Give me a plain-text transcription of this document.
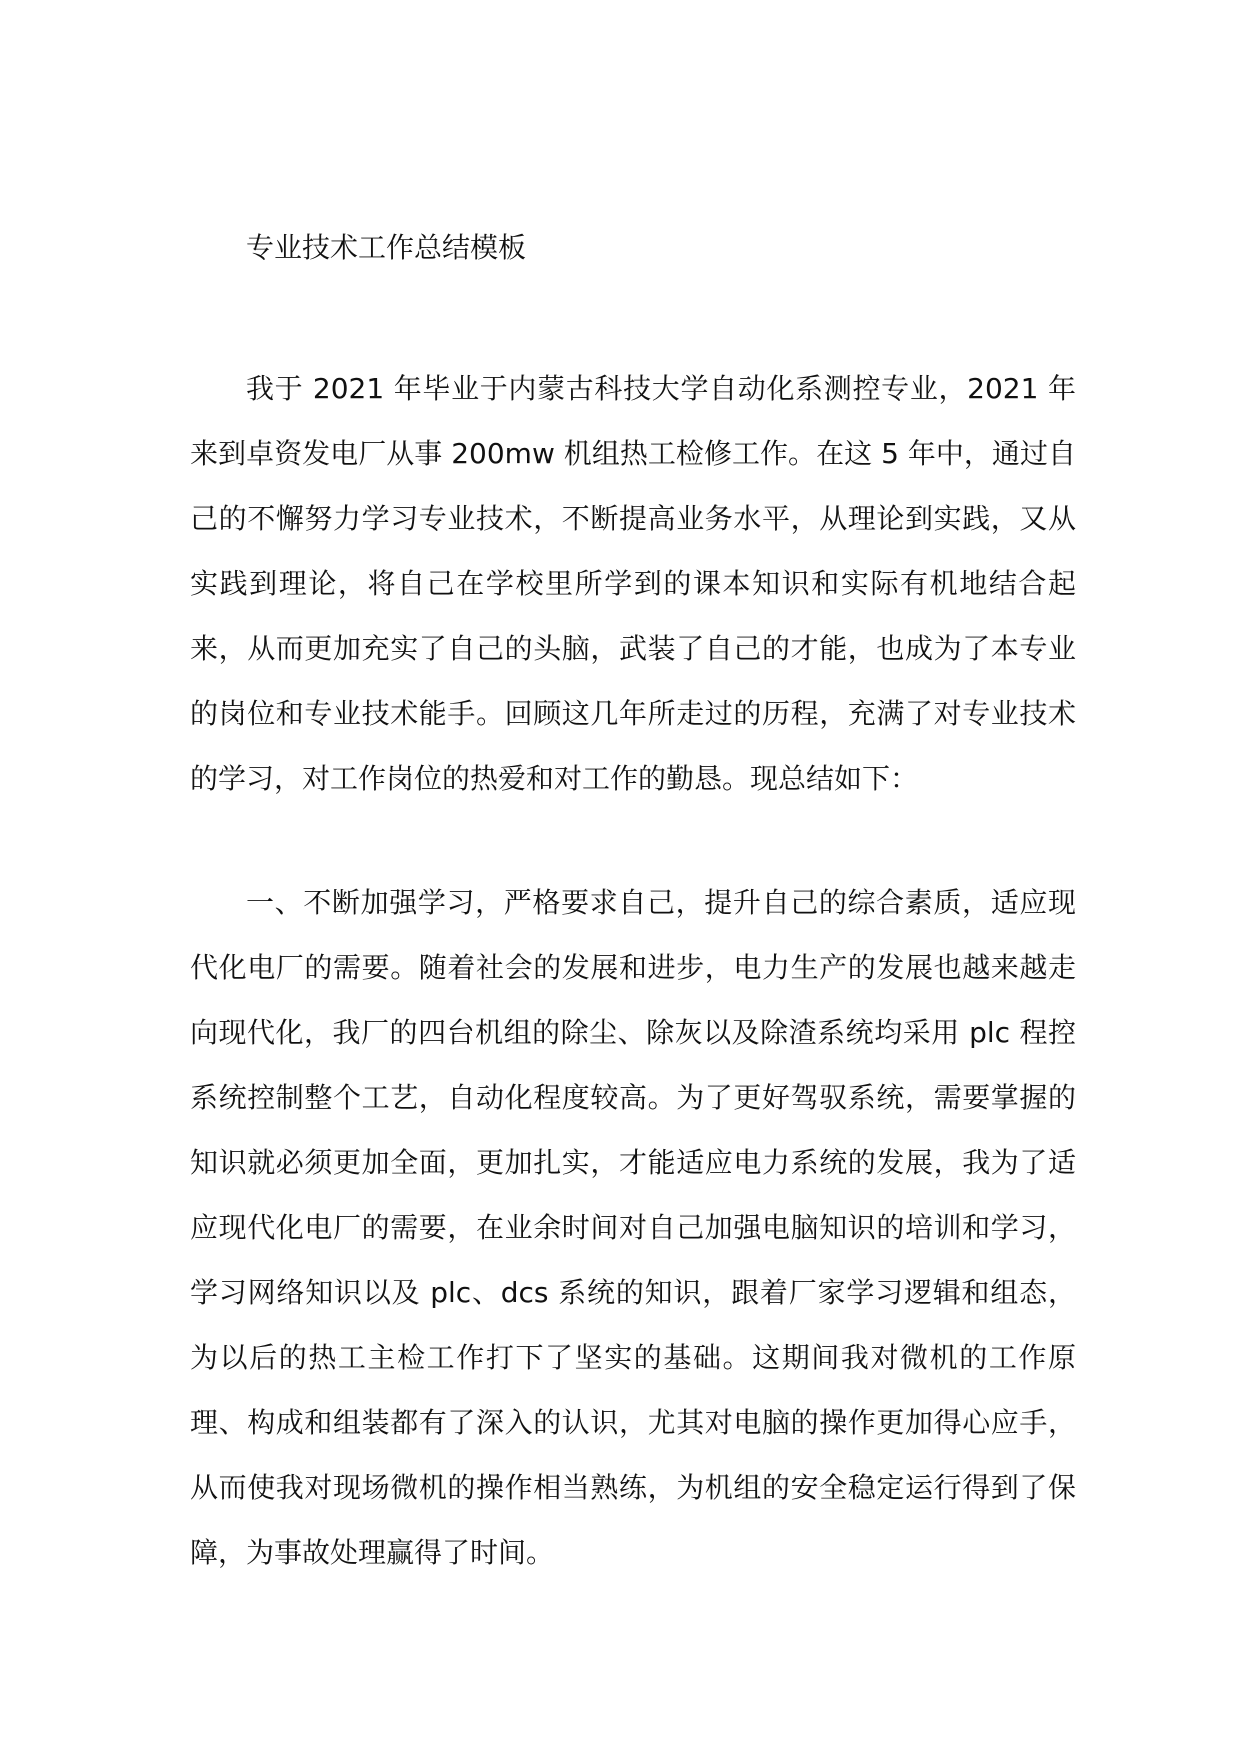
专业技术工作总结模板

我于 2021 年毕业于内蒙古科技大学自动化系测控专业，2021 年来到卓资发电厂从事 200mw 机组热工检修工作。在这 5 年中，通过自己的不懈努力学习专业技术，不断提高业务水平，从理论到实践，又从实践到理论，将自己在学校里所学到的课本知识和实际有机地结合起来，从而更加充实了自己的头脑，武装了自己的才能，也成为了本专业的岗位和专业技术能手。回顾这几年所走过的历程，充满了对专业技术的学习，对工作岗位的热爱和对工作的勤恳。现总结如下：

一、不断加强学习，严格要求自己，提升自己的综合素质，适应现代化电厂的需要。随着社会的发展和进步，电力生产的发展也越来越走向现代化，我厂的四台机组的除尘、除灰以及除渣系统均采用 plc 程控系统控制整个工艺，自动化程度较高。为了更好驾驭系统，需要掌握的知识就必须更加全面，更加扎实，才能适应电力系统的发展，我为了适应现代化电厂的需要，在业余时间对自己加强电脑知识的培训和学习，学习网络知识以及 plc、dcs 系统的知识，跟着厂家学习逻辑和组态，为以后的热工主检工作打下了坚实的基础。这期间我对微机的工作原理、构成和组装都有了深入的认识，尤其对电脑的操作更加得心应手，从而使我对现场微机的操作相当熟练，为机组的安全稳定运行得到了保障，为事故处理赢得了时间。
